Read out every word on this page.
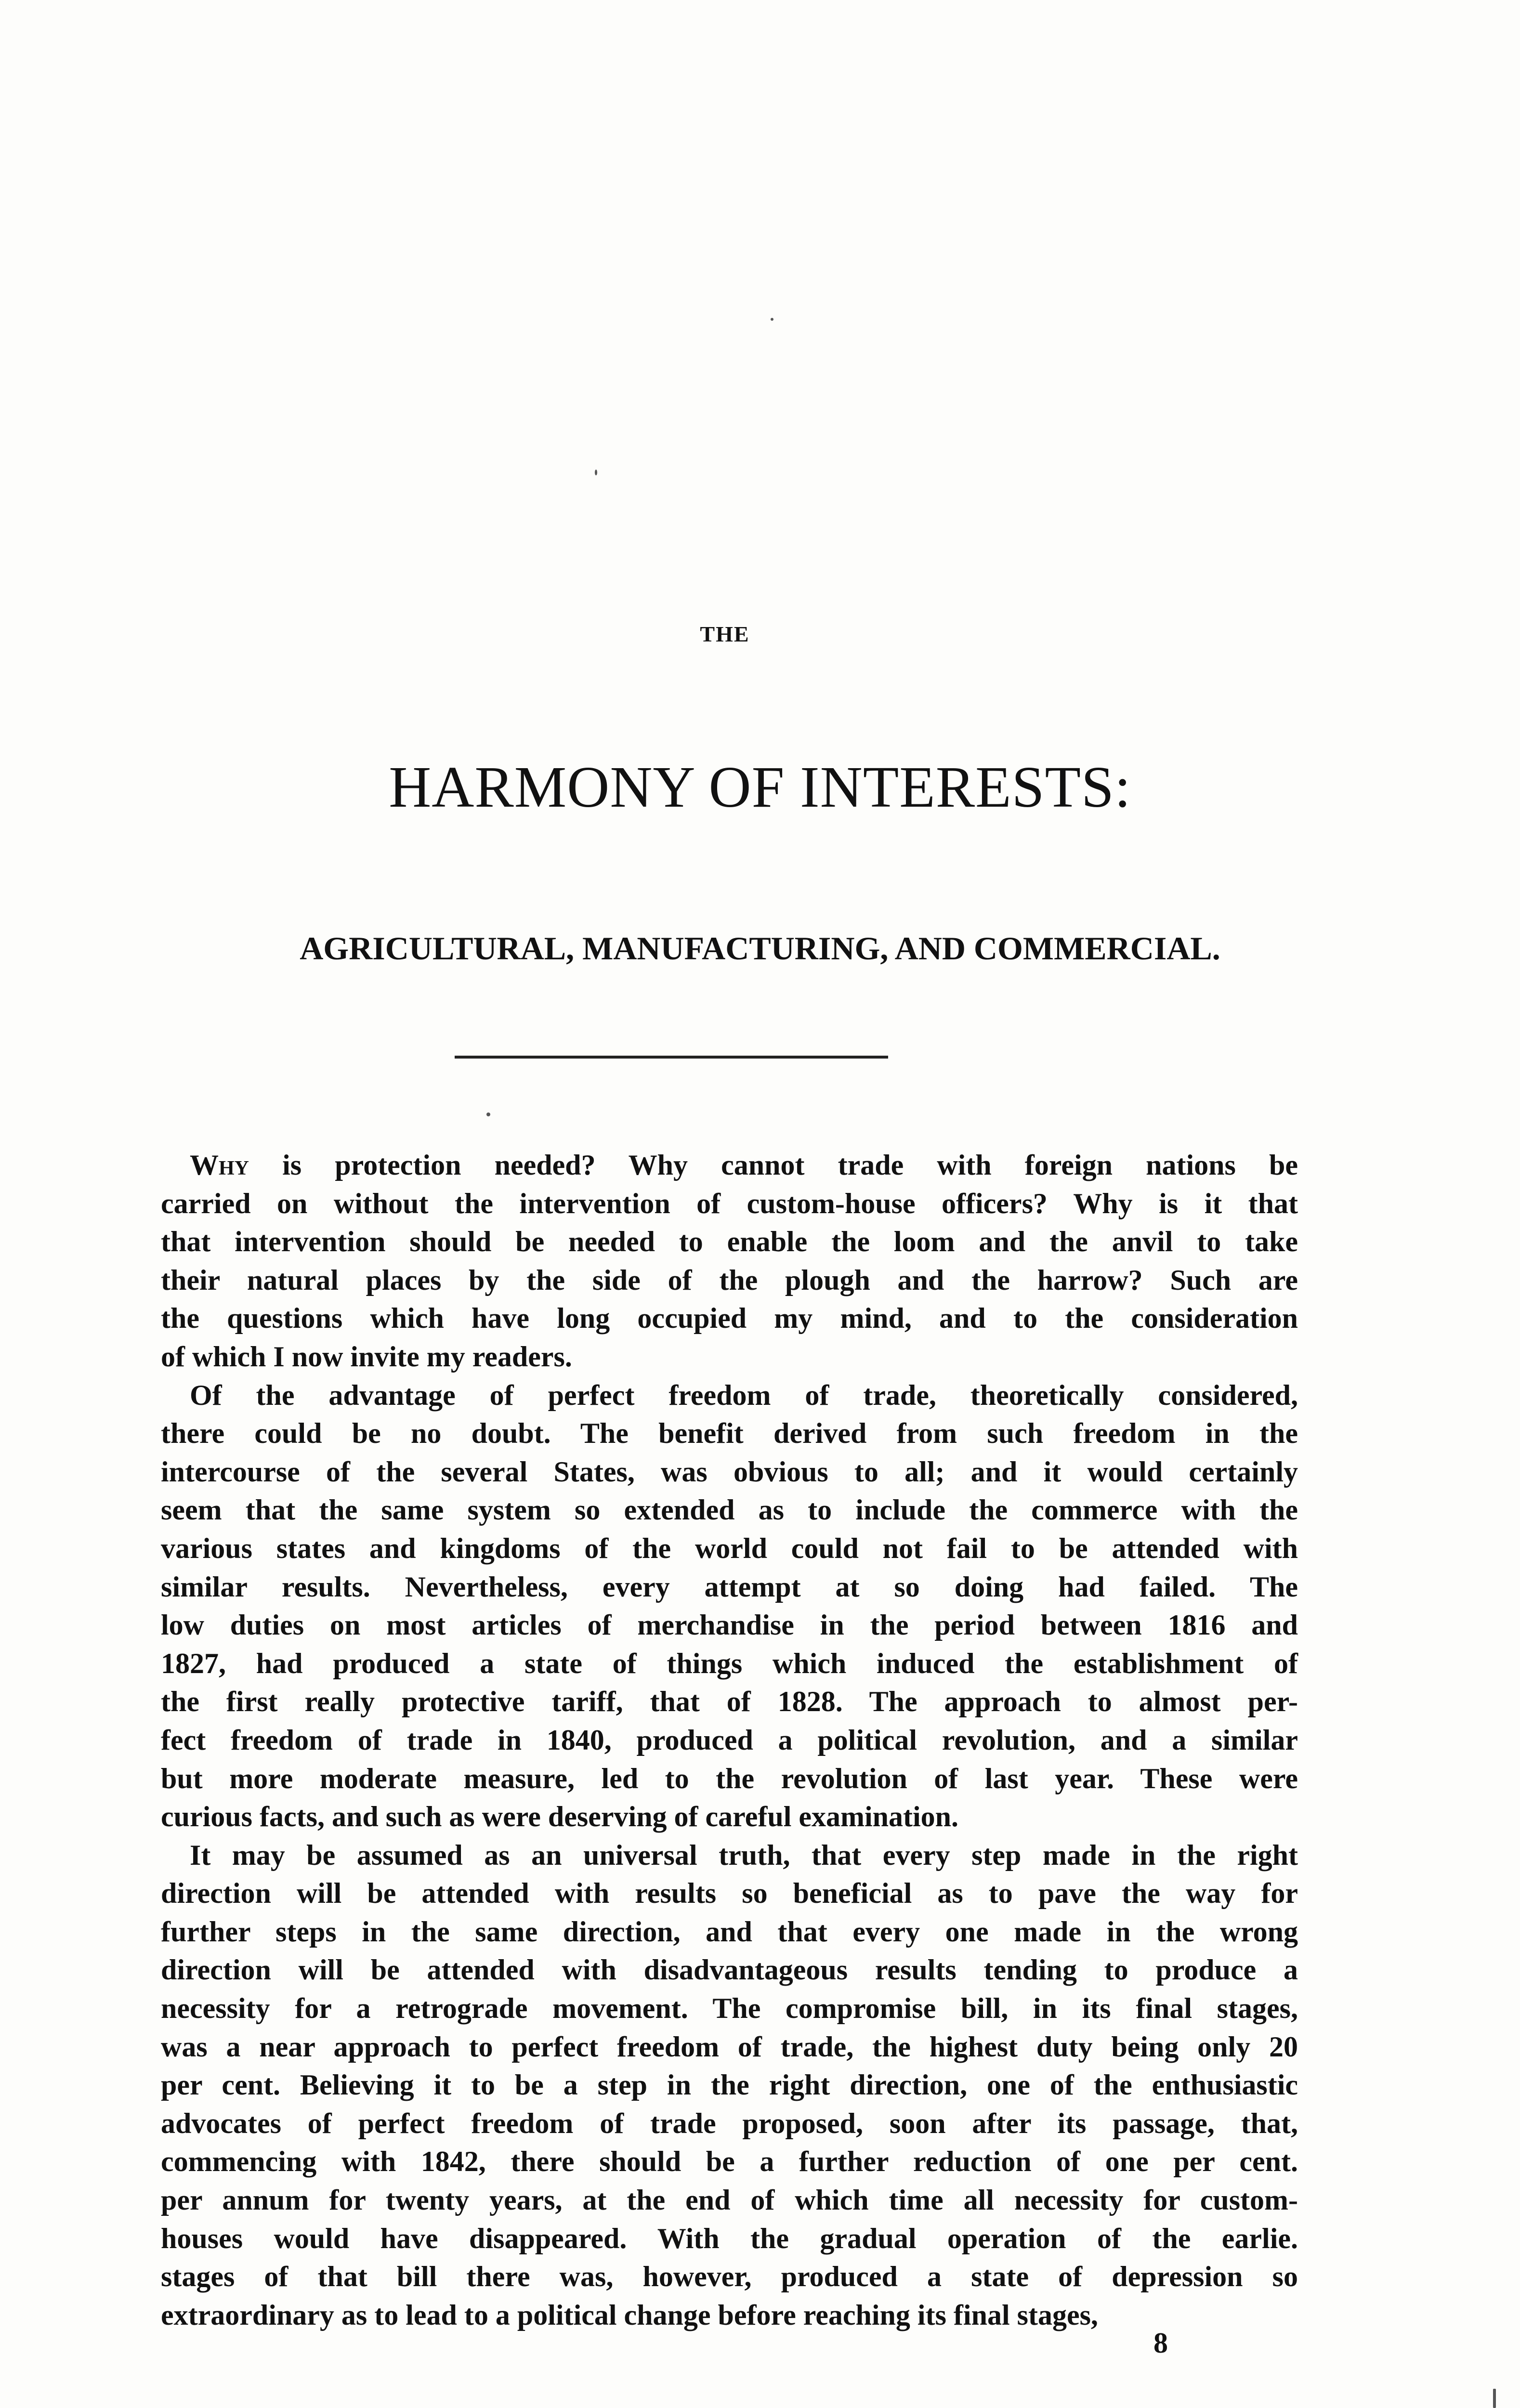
THE
HARMONY OF INTERESTS:
AGRICULTURAL, MANUFACTURING, AND COMMERCIAL.
Why is protection needed? Why cannot trade with foreign nations be
carried on without the intervention of custom-house officers? Why is it that
that intervention should be needed to enable the loom and the anvil to take
their natural places by the side of the plough and the harrow? Such are
the questions which have long occupied my mind, and to the consideration
of which I now invite my readers.
Of the advantage of perfect freedom of trade, theoretically considered,
there could be no doubt. The benefit derived from such freedom in the
intercourse of the several States, was obvious to all; and it would certainly
seem that the same system so extended as to include the commerce with the
various states and kingdoms of the world could not fail to be attended with
similar results. Nevertheless, every attempt at so doing had failed. The
low duties on most articles of merchandise in the period between 1816 and
1827, had produced a state of things which induced the establishment of
the first really protective tariff, that of 1828. The approach to almost per-
fect freedom of trade in 1840, produced a political revolution, and a similar
but more moderate measure, led to the revolution of last year. These were
curious facts, and such as were deserving of careful examination.
It may be assumed as an universal truth, that every step made in the right
direction will be attended with results so beneficial as to pave the way for
further steps in the same direction, and that every one made in the wrong
direction will be attended with disadvantageous results tending to produce a
necessity for a retrograde movement. The compromise bill, in its final stages,
was a near approach to perfect freedom of trade, the highest duty being only 20
per cent. Believing it to be a step in the right direction, one of the enthusiastic
advocates of perfect freedom of trade proposed, soon after its passage, that,
commencing with 1842, there should be a further reduction of one per cent.
per annum for twenty years, at the end of which time all necessity for custom-
houses would have disappeared. With the gradual operation of the earlie.
stages of that bill there was, however, produced a state of depression so
extraordinary as to lead to a political change before reaching its final stages,
8
